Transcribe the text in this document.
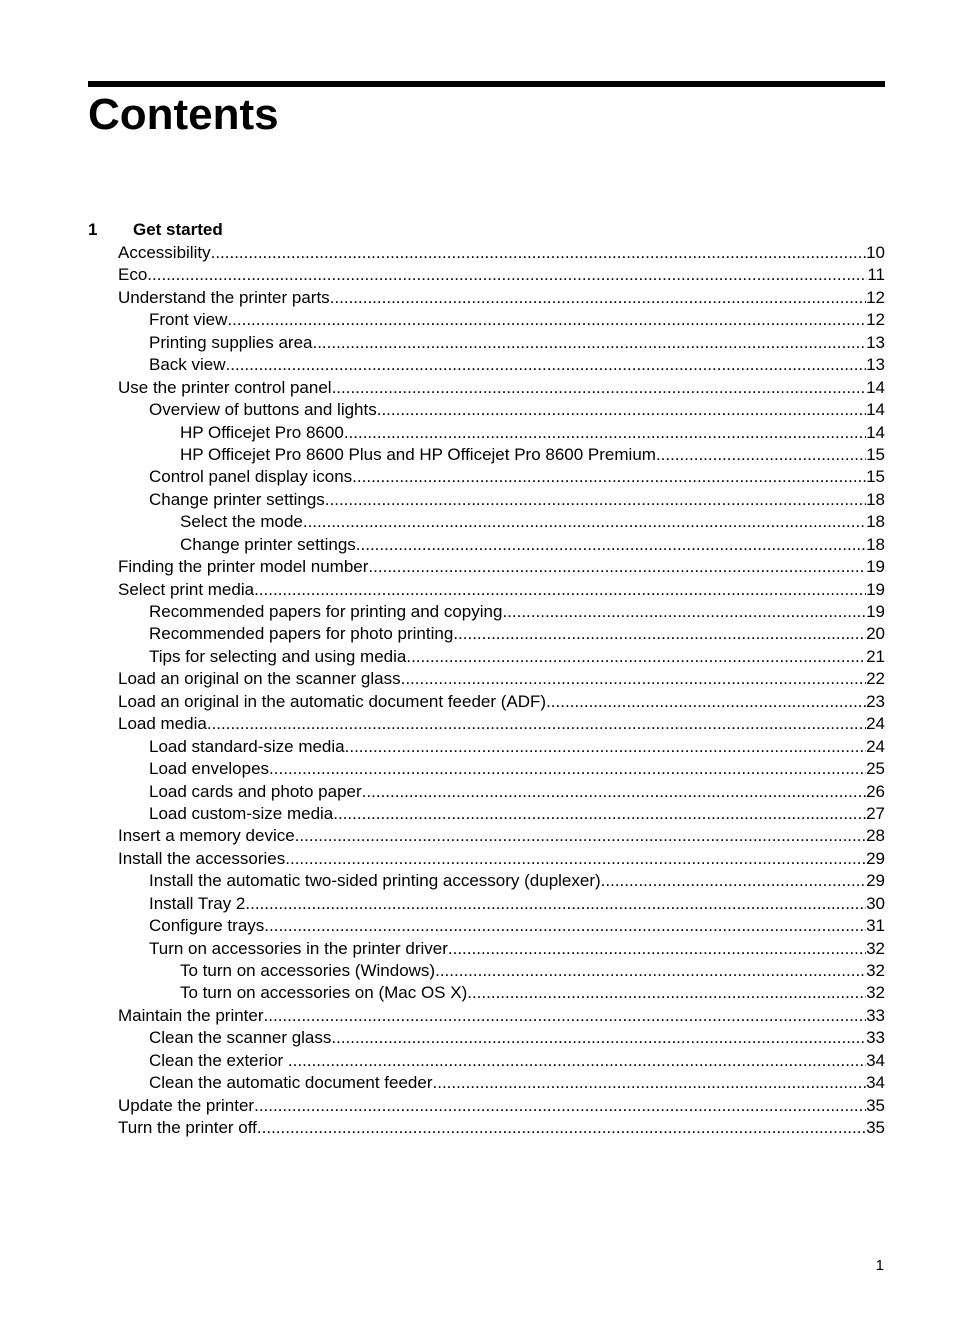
Contents
1 Get started
Accessibility .....	10
Eco .....	11
Understand the printer parts .....	12
Front view .....	12
Printing supplies area .....	13
Back view .....	13
Use the printer control panel .....	14
Overview of buttons and lights .....	14
HP Officejet Pro 8600 .....	14
HP Officejet Pro 8600 Plus and HP Officejet Pro 8600 Premium .....	15
Control panel display icons .....	15
Change printer settings .....	18
Select the mode .....	18
Change printer settings .....	18
Finding the printer model number .....	19
Select print media .....	19
Recommended papers for printing and copying .....	19
Recommended papers for photo printing .....	20
Tips for selecting and using media .....	21
Load an original on the scanner glass .....	22
Load an original in the automatic document feeder (ADF) .....	23
Load media .....	24
Load standard-size media .....	24
Load envelopes .....	25
Load cards and photo paper .....	26
Load custom-size media .....	27
Insert a memory device .....	28
Install the accessories .....	29
Install the automatic two-sided printing accessory (duplexer) .....	29
Install Tray 2 .....	30
Configure trays .....	31
Turn on accessories in the printer driver .....	32
To turn on accessories (Windows) .....	32
To turn on accessories on (Mac OS X) .....	32
Maintain the printer .....	33
Clean the scanner glass .....	33
Clean the exterior .....	34
Clean the automatic document feeder .....	34
Update the printer .....	35
Turn the printer off .....	35
1
